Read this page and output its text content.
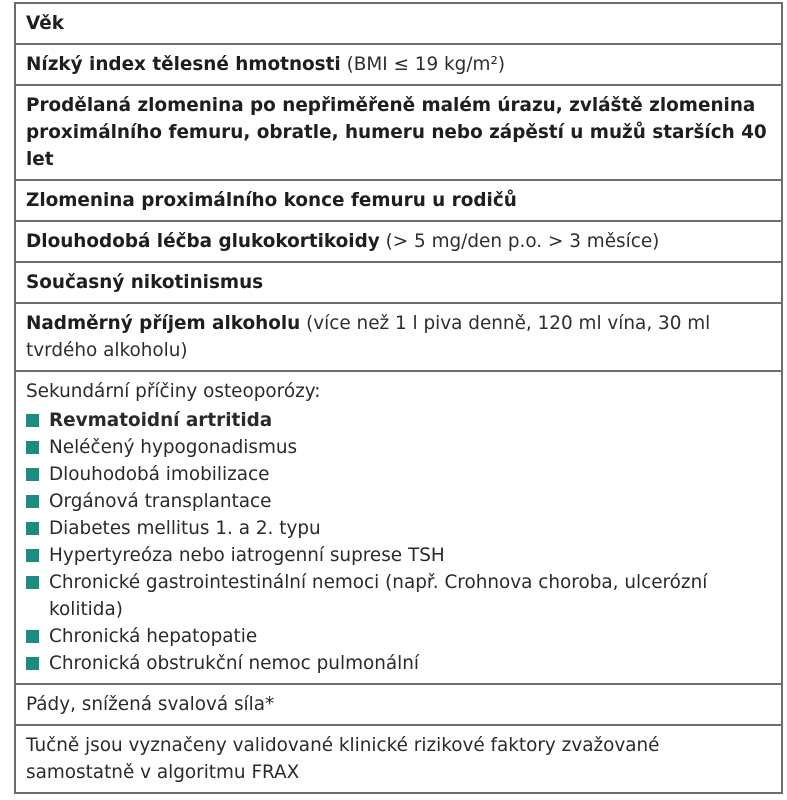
Věk
Nízký index tělesné hmotnosti (BMI ≤ 19 kg/m²)
Prodělaná zlomenina po nepřiměřeně malém úrazu, zvláště zlomenina proximálního femuru, obratle, humeru nebo zápěstí u mužů starších 40 let
Zlomenina proximálního konce femuru u rodičů
Dlouhodobá léčba glukokortikoidy (> 5 mg/den p.o. > 3 měsíce)
Současný nikotinismus
Nadměrný příjem alkoholu (více než 1 l piva denně, 120 ml vína, 30 ml tvrdého alkoholu)
Sekundární příčiny osteoporózy:
Revmatoidní artritida
Neléčený hypogonadismus
Dlouhodobá imobilizace
Orgánová transplantace
Diabetes mellitus 1. a 2. typu
Hypertyreóza nebo iatrogenní suprese TSH
Chronické gastrointestinální nemoci (např. Crohnova choroba, ulcerózní kolitida)
Chronická hepatopatie
Chronická obstrukční nemoc pulmonální
Pády, snížená svalová síla*
Tučně jsou vyznačeny validované klinické rizikové faktory zvažované samostatně v algoritmu FRAX
